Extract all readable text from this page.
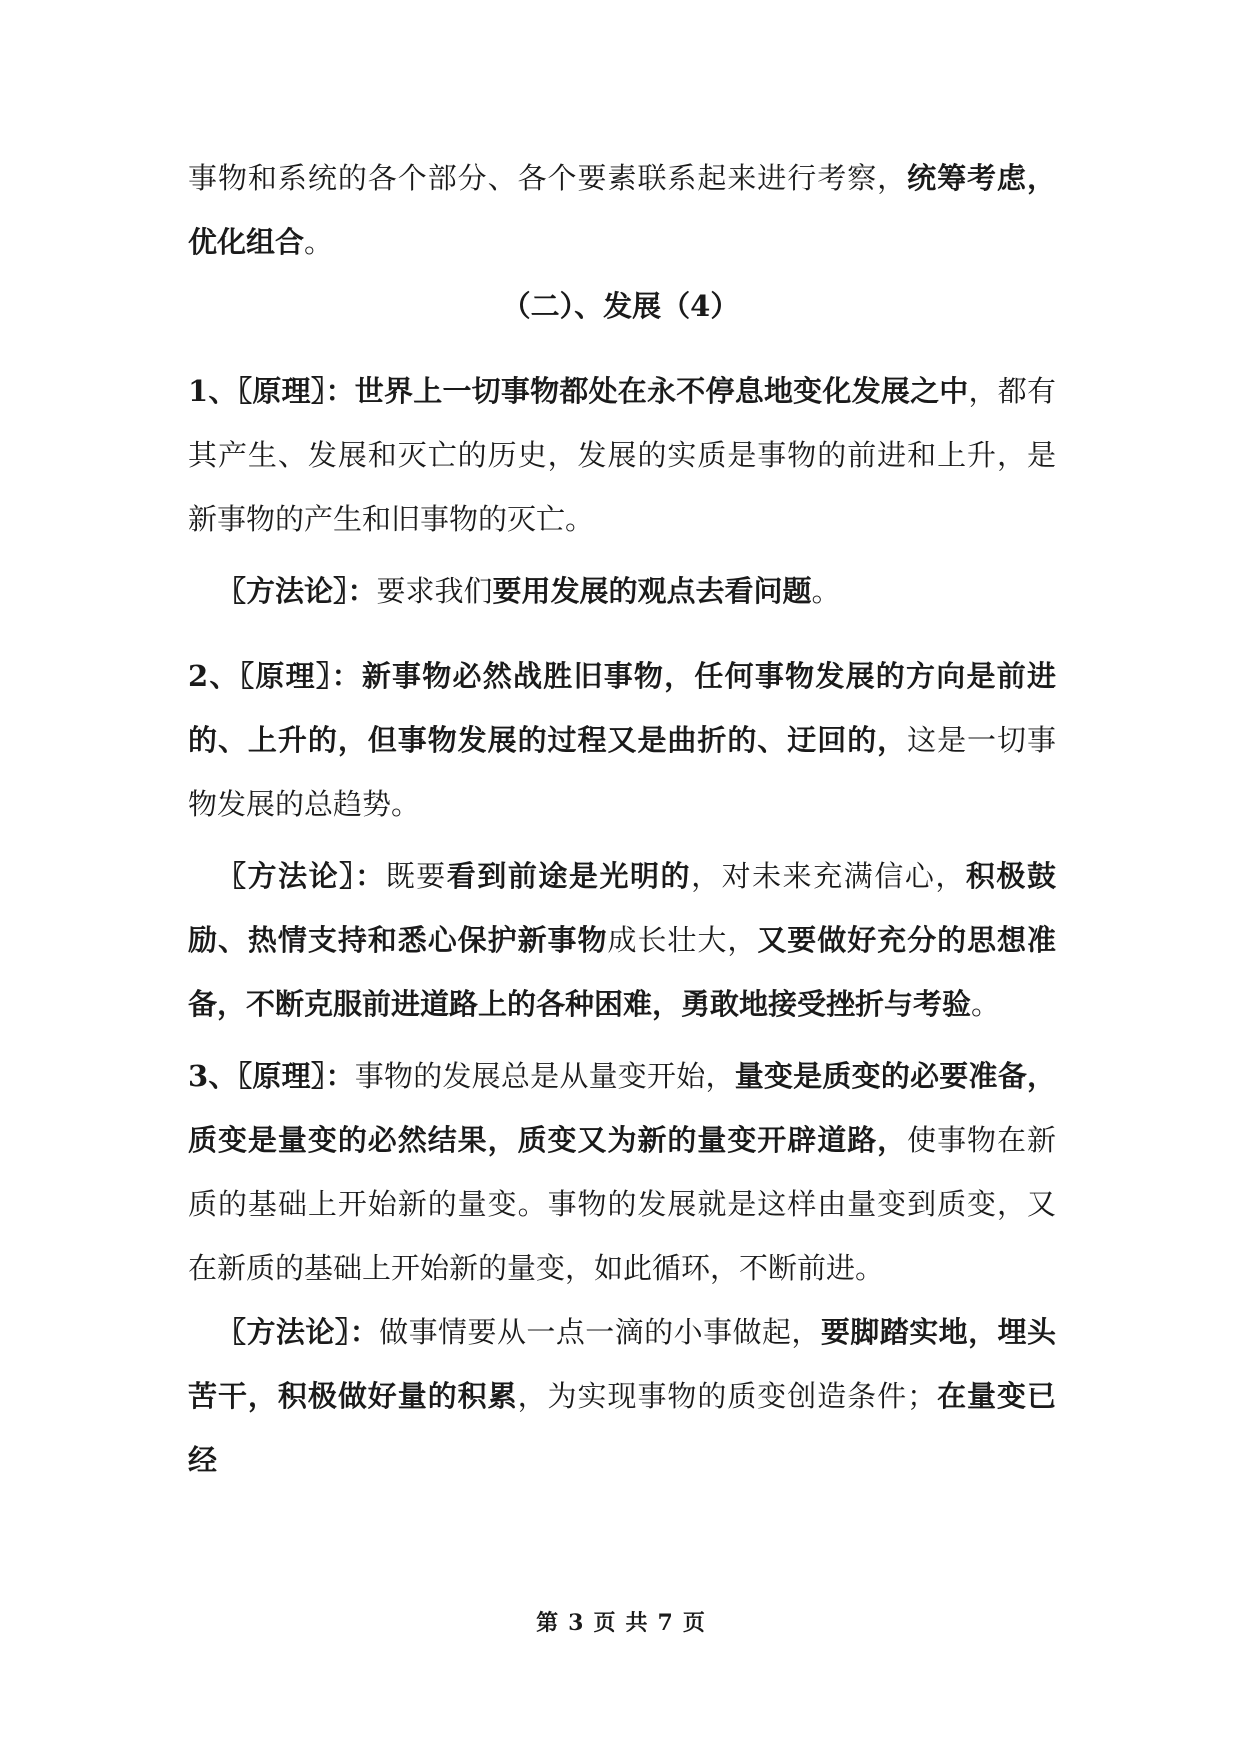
事物和系统的各个部分、各个要素联系起来进行考察，统筹考虑，优化组合。

（二）、发展（4）

1、〖原理〗：世界上一切事物都处在永不停息地变化发展之中，都有其产生、发展和灭亡的历史，发展的实质是事物的前进和上升，是新事物的产生和旧事物的灭亡。

〖方法论〗：要求我们要用发展的观点去看问题。

2、〖原理〗：新事物必然战胜旧事物，任何事物发展的方向是前进的、上升的，但事物发展的过程又是曲折的、迂回的，这是一切事物发展的总趋势。

〖方法论〗：既要看到前途是光明的，对未来充满信心，积极鼓励、热情支持和悉心保护新事物成长壮大，又要做好充分的思想准备，不断克服前进道路上的各种困难，勇敢地接受挫折与考验。

3、〖原理〗：事物的发展总是从量变开始，量变是质变的必要准备，质变是量变的必然结果，质变又为新的量变开辟道路，使事物在新质的基础上开始新的量变。事物的发展就是这样由量变到质变，又在新质的基础上开始新的量变，如此循环，不断前进。

〖方法论〗：做事情要从一点一滴的小事做起，要脚踏实地，埋头苦干，积极做好量的积累，为实现事物的质变创造条件；在量变已经

第 3 页 共 7 页
